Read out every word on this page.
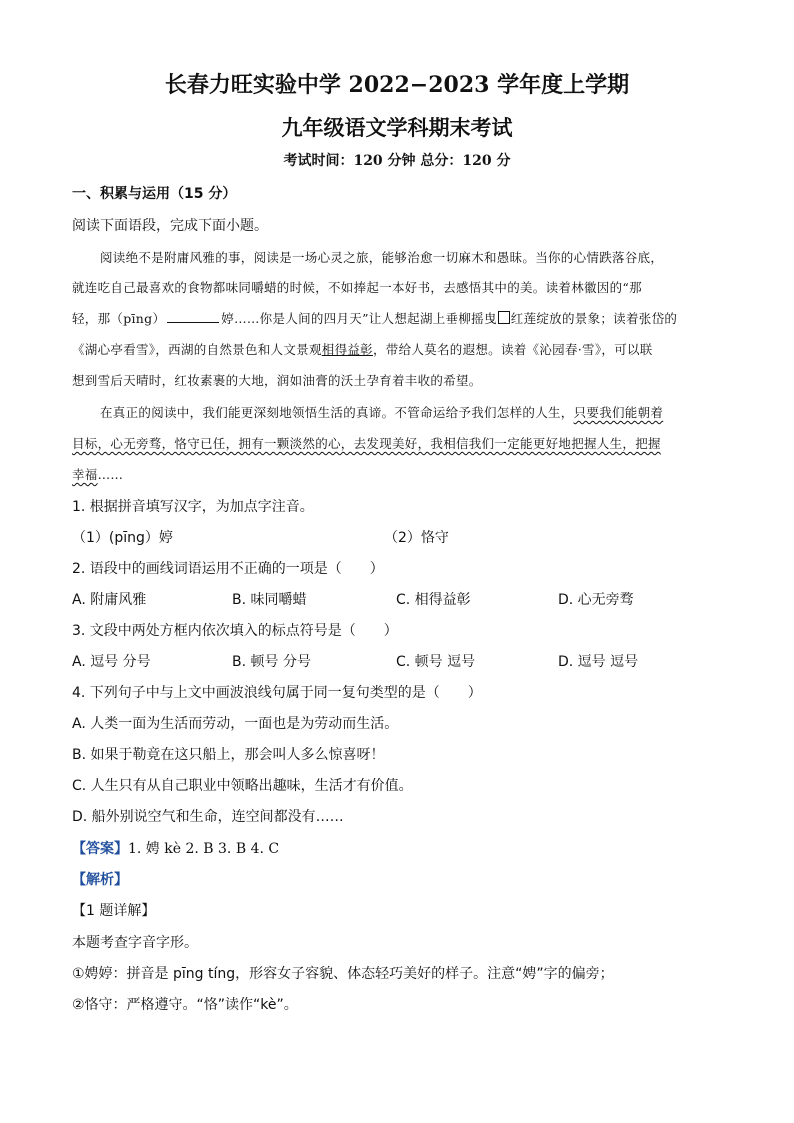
长春力旺实验中学 2022−2023 学年度上学期
九年级语文学科期末考试
考试时间：120 分钟 总分：120 分
一、积累与运用（15 分）
阅读下面语段，完成下面小题。
阅读绝不是附庸风雅的事，阅读是一场心灵之旅，能够治愈一切麻木和愚昧。当你的心情跌落谷底，
就连吃自己最喜欢的食物都味同嚼蜡的时候，不如捧起一本好书，去感悟其中的美。读着林徽因的“那
轻，那（pīng）	婷……你是人间的四月天”让人想起湖上垂柳摇曳 红莲绽放的景象；读着张岱的
《湖心亭看雪》，西湖的自然景色和人文景观相得益彰，带给人莫名的遐想。读着《沁园春·雪》，可以联
想到雪后天晴时，红妆素裹的大地，润如油膏的沃土孕育着丰收的希望。
在真正的阅读中，我们能更深刻地领悟生活的真谛。不管命运给予我们怎样的人生，只要我们能朝着
目标，心无旁骛，恪守已任，拥有一颗淡然的心，去发现美好，我相信我们一定能更好地把握人生，把握
幸福……
1. 根据拼音填写汉字，为加点字注音。
（1）(pīng）婷	（2）恪守
2. 语段中的画线词语运用不正确的一项是（　　）
A. 附庸风雅	B. 味同嚼蜡	C. 相得益彰	D. 心无旁骛
3. 文段中两处方框内依次填入的标点符号是（　　）
A. 逗号 分号	B. 顿号 分号	C. 顿号 逗号	D. 逗号 逗号
4. 下列句子中与上文中画波浪线句属于同一复句类型的是（　　）
A. 人类一面为生活而劳动，一面也是为劳动而生活。
B. 如果于勒竟在这只船上，那会叫人多么惊喜呀！
C. 人生只有从自己职业中领略出趣味，生活才有价值。
D. 船外别说空气和生命，连空间都没有……
【答案】1. 娉 kè 2. B 3. B 4. C
【解析】
【1 题详解】
本题考查字音字形。
①娉婷：拼音是 pīng tíng，形容女子容貌、体态轻巧美好的样子。注意“娉”字的偏旁；
②恪守：严格遵守。“恪”读作“kè”。
